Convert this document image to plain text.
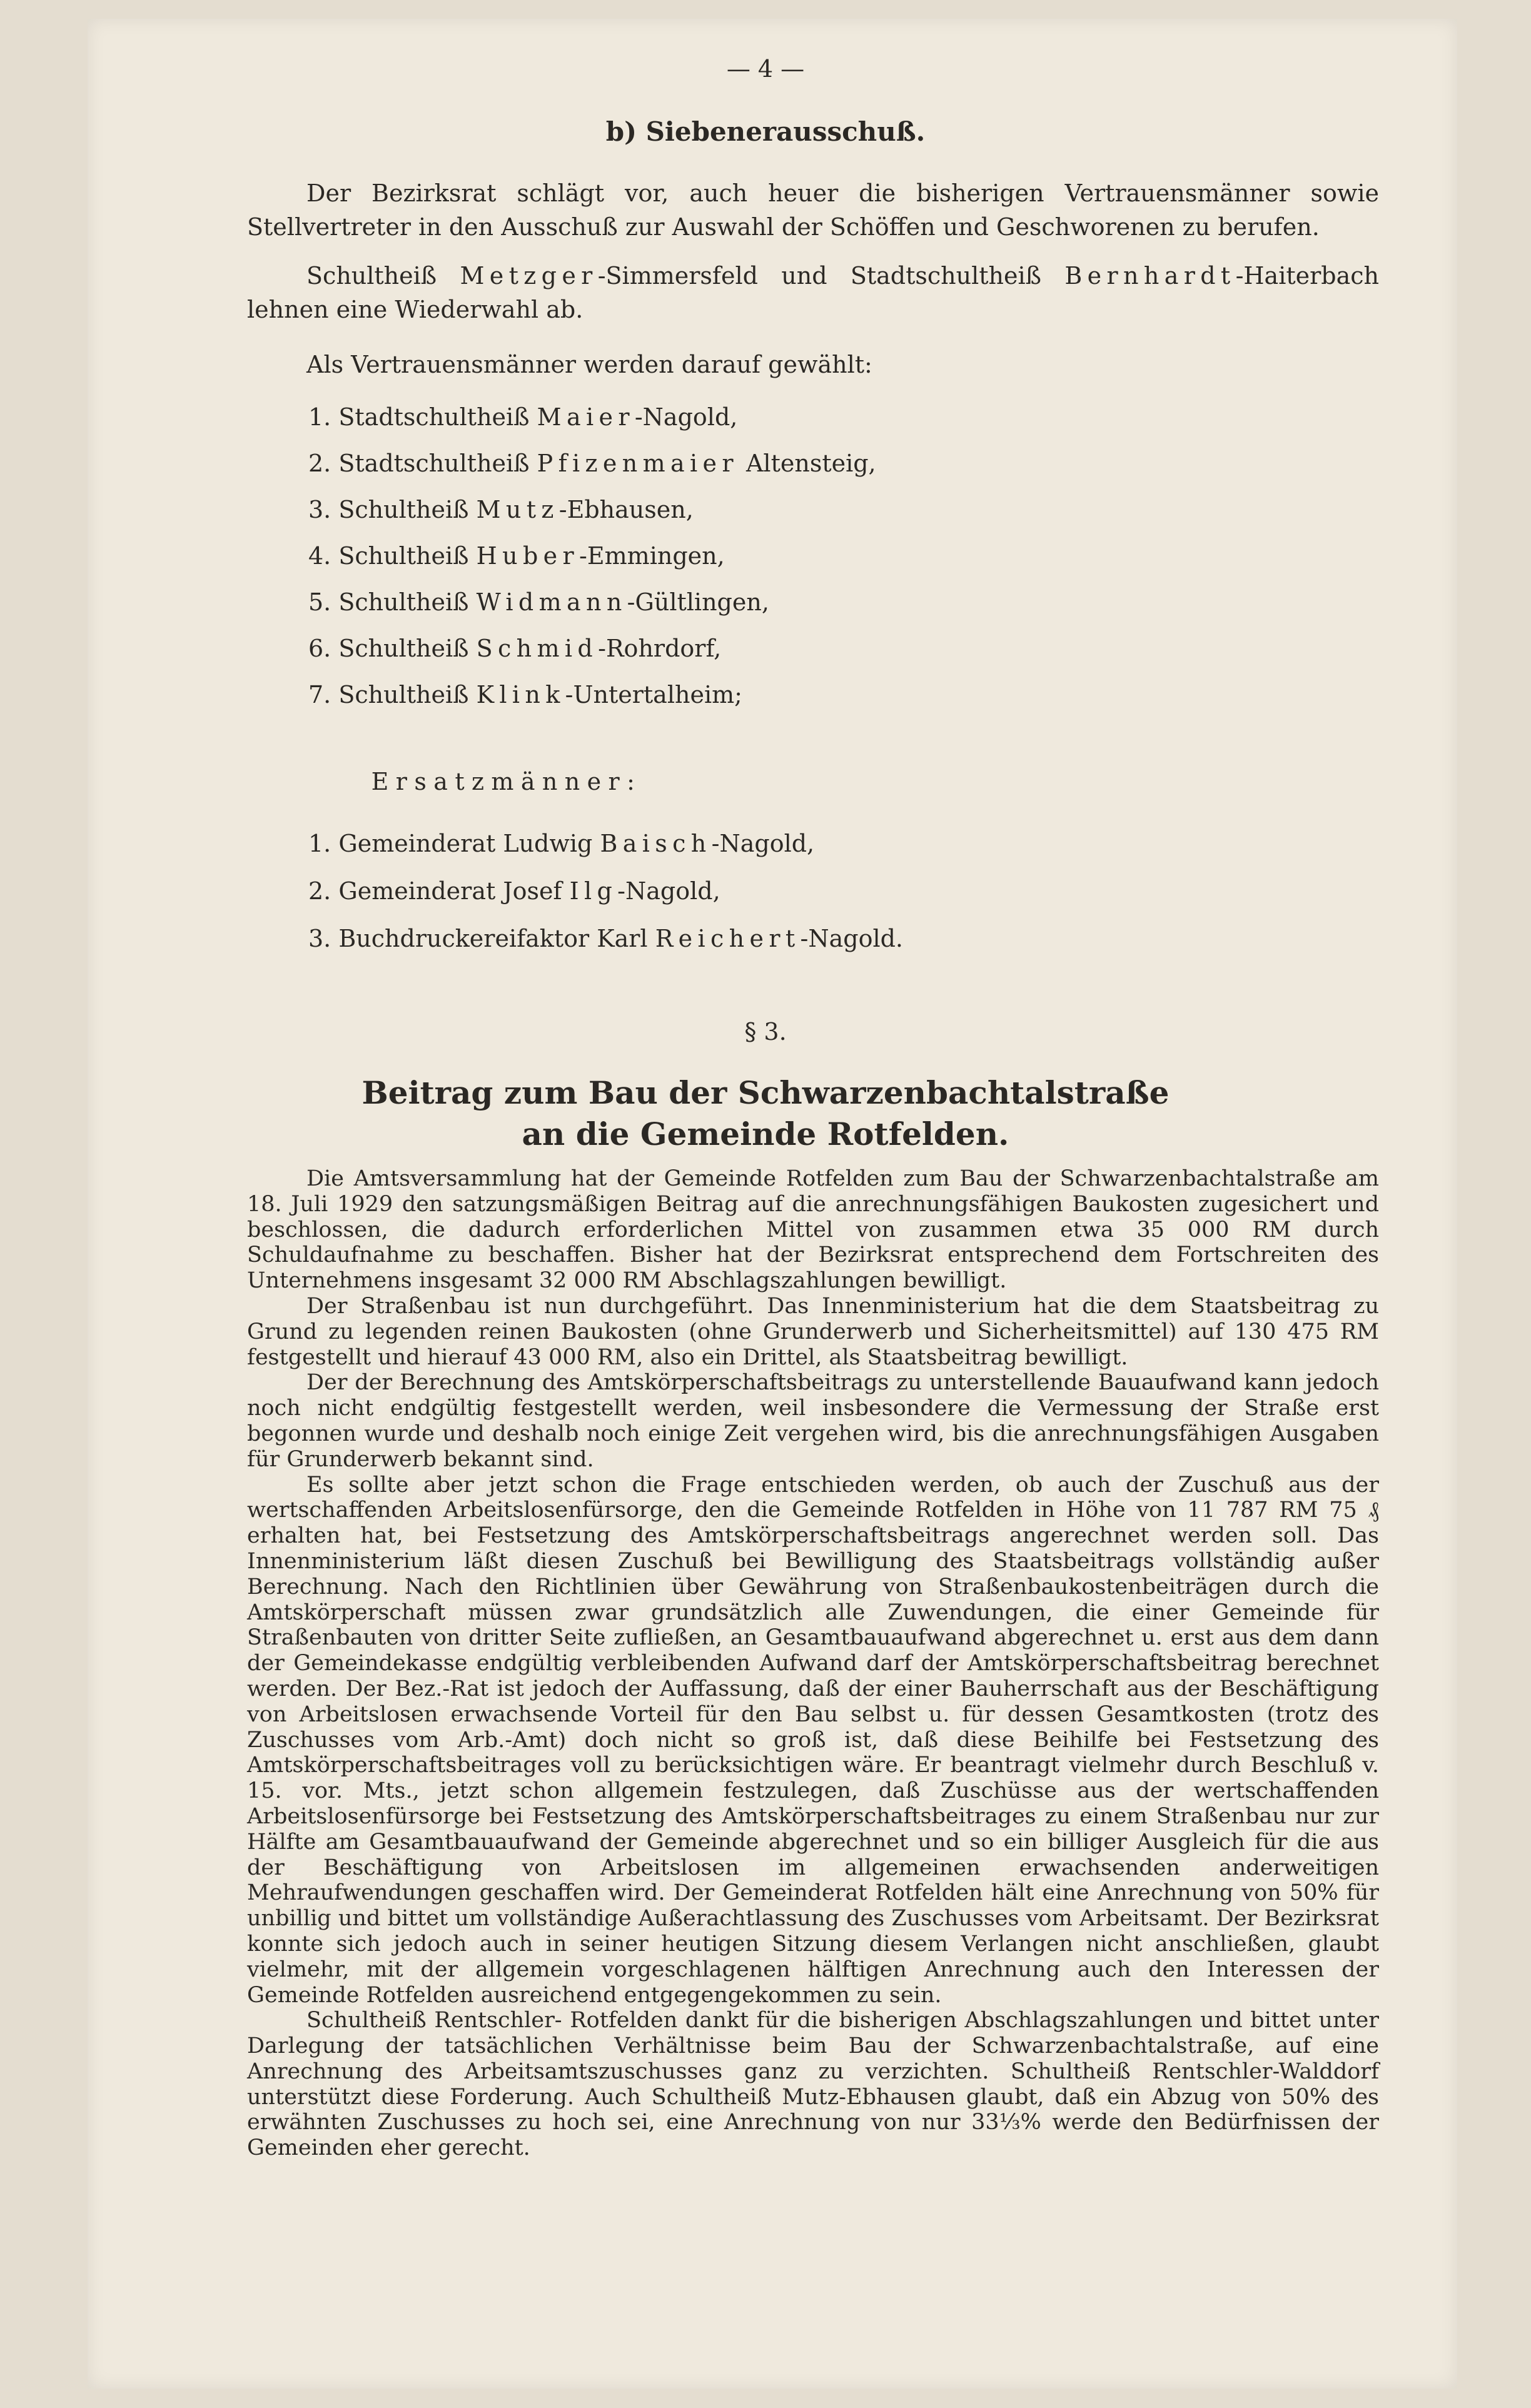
— 4 —
b) Siebenerausschuß.
Der Bezirksrat schlägt vor, auch heuer die bisherigen Vertrauensmänner sowie Stellvertreter in den Ausschuß zur Auswahl der Schöffen und Geschworenen zu berufen.
Schultheiß Metzger-Simmersfeld und Stadtschultheiß Bernhardt-Haiterbach lehnen eine Wiederwahl ab.
Als Vertrauensmänner werden darauf gewählt:
1. Stadtschultheiß Maier-Nagold,
2. Stadtschultheiß Pfizenmaier Altensteig,
3. Schultheiß Mutz-Ebhausen,
4. Schultheiß Huber-Emmingen,
5. Schultheiß Widmann-Gültlingen,
6. Schultheiß Schmid-Rohrdorf,
7. Schultheiß Klink-Untertalheim;
Ersatzmänner:
1. Gemeinderat Ludwig Baisch-Nagold,
2. Gemeinderat Josef Ilg-Nagold,
3. Buchdruckereifaktor Karl Reichert-Nagold.
§ 3.
Beitrag zum Bau der Schwarzenbachtalstraße
an die Gemeinde Rotfelden.

Die Amtsversammlung hat der Gemeinde Rotfelden zum Bau der Schwarzenbachtalstraße am 18. Juli 1929 den satzungsmäßigen Beitrag auf die anrechnungsfähigen Baukosten zugesichert und beschlossen, die dadurch erforderlichen Mittel von zusammen etwa 35 000 RM durch Schuldaufnahme zu beschaffen. Bisher hat der Bezirksrat entsprechend dem Fortschreiten des Unternehmens insgesamt 32 000 RM Abschlagszahlungen bewilligt.

Der Straßenbau ist nun durchgeführt. Das Innenministerium hat die dem Staatsbeitrag zu Grund zu legenden reinen Baukosten (ohne Grunderwerb und Sicherheitsmittel) auf 130 475 RM festgestellt und hierauf 43 000 RM, also ein Drittel, als Staatsbeitrag bewilligt.

Der der Berechnung des Amtskörperschaftsbeitrags zu unterstellende Bauaufwand kann jedoch noch nicht endgültig festgestellt werden, weil insbesondere die Vermessung der Straße erst begonnen wurde und deshalb noch einige Zeit vergehen wird, bis die anrechnungsfähigen Ausgaben für Grunderwerb bekannt sind.

Es sollte aber jetzt schon die Frage entschieden werden, ob auch der Zuschuß aus der wertschaffenden Arbeitslosenfürsorge, den die Gemeinde Rotfelden in Höhe von 11 787 RM 75 ₰ erhalten hat, bei Festsetzung des Amtskörperschaftsbeitrags angerechnet werden soll. Das Innenministerium läßt diesen Zuschuß bei Bewilligung des Staatsbeitrags vollständig außer Berechnung. Nach den Richtlinien über Gewährung von Straßenbaukostenbeiträgen durch die Amtskörperschaft müssen zwar grundsätzlich alle Zuwendungen, die einer Gemeinde für Straßenbauten von dritter Seite zufließen, an Gesamtbauaufwand abgerechnet u. erst aus dem dann der Gemeindekasse endgültig verbleibenden Aufwand darf der Amtskörperschaftsbeitrag berechnet werden. Der Bez.-Rat ist jedoch der Auffassung, daß der einer Bauherrschaft aus der Beschäftigung von Arbeitslosen erwachsende Vorteil für den Bau selbst u. für dessen Gesamtkosten (trotz des Zuschusses vom Arb.-Amt) doch nicht so groß ist, daß diese Beihilfe bei Festsetzung des Amtskörperschaftsbeitrages voll zu berücksichtigen wäre. Er beantragt vielmehr durch Beschluß v. 15. vor. Mts., jetzt schon allgemein festzulegen, daß Zuschüsse aus der wertschaffenden Arbeitslosenfürsorge bei Festsetzung des Amtskörperschaftsbeitrages zu einem Straßenbau nur zur Hälfte am Gesamtbauaufwand der Gemeinde abgerechnet und so ein billiger Ausgleich für die aus der Beschäftigung von Arbeitslosen im allgemeinen erwachsenden anderweitigen Mehraufwendungen geschaffen wird. Der Gemeinderat Rotfelden hält eine Anrechnung von 50% für unbillig und bittet um vollständige Außerachtlassung des Zuschusses vom Arbeitsamt. Der Bezirksrat konnte sich jedoch auch in seiner heutigen Sitzung diesem Verlangen nicht anschließen, glaubt vielmehr, mit der allgemein vorgeschlagenen hälftigen Anrechnung auch den Interessen der Gemeinde Rotfelden ausreichend entgegengekommen zu sein.

Schultheiß Rentschler- Rotfelden dankt für die bisherigen Abschlagszahlungen und bittet unter Darlegung der tatsächlichen Verhältnisse beim Bau der Schwarzenbachtalstraße, auf eine Anrechnung des Arbeitsamtszuschusses ganz zu verzichten. Schultheiß Rentschler-Walddorf unterstützt diese Forderung. Auch Schultheiß Mutz-Ebhausen glaubt, daß ein Abzug von 50% des erwähnten Zuschusses zu hoch sei, eine Anrechnung von nur 33⅓% werde den Bedürfnissen der Gemeinden eher gerecht.
